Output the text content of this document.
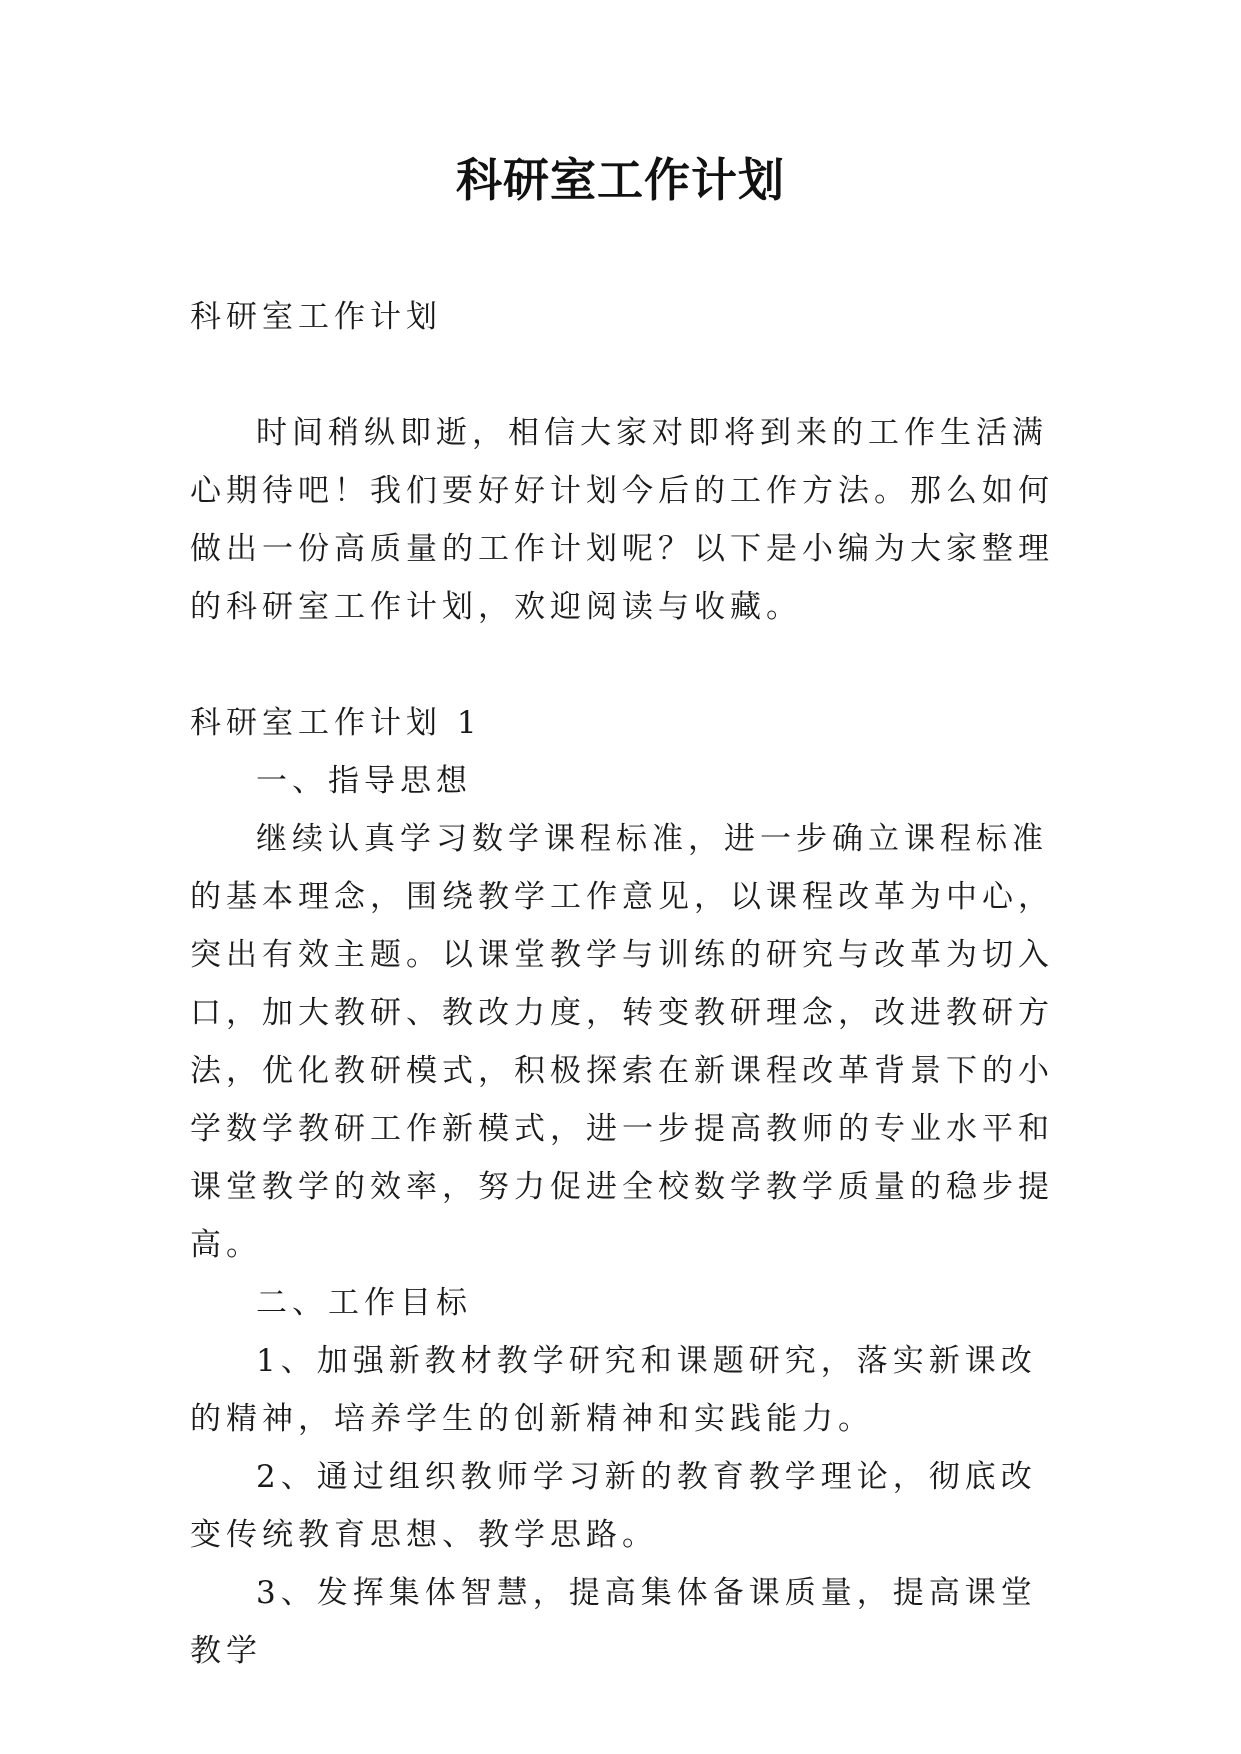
科研室工作计划

科研室工作计划

时间稍纵即逝，相信大家对即将到来的工作生活满心期待吧！我们要好好计划今后的工作方法。那么如何做出一份高质量的工作计划呢？以下是小编为大家整理的科研室工作计划，欢迎阅读与收藏。

科研室工作计划 1

一、指导思想

继续认真学习数学课程标准，进一步确立课程标准的基本理念，围绕教学工作意见，以课程改革为中心，突出有效主题。以课堂教学与训练的研究与改革为切入口，加大教研、教改力度，转变教研理念，改进教研方法，优化教研模式，积极探索在新课程改革背景下的小学数学教研工作新模式，进一步提高教师的专业水平和课堂教学的效率，努力促进全校数学教学质量的稳步提高。

二、工作目标

1、加强新教材教学研究和课题研究，落实新课改的精神，培养学生的创新精神和实践能力。

2、通过组织教师学习新的教育教学理论，彻底改变传统教育思想、教学思路。

3、发挥集体智慧，提高集体备课质量，提高课堂教学
